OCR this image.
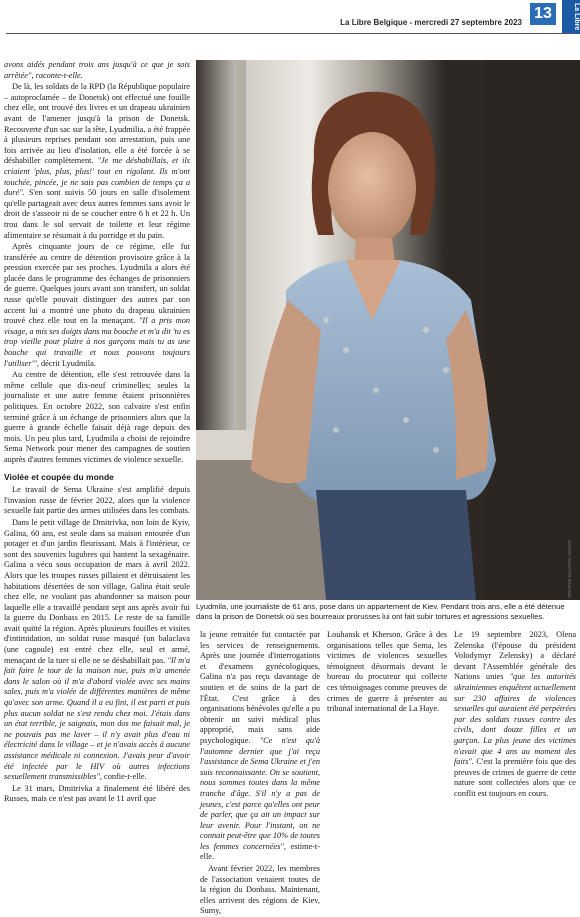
La Libre Belgique - mercredi 27 septembre 2023
13	La Libre

avons aidés pendant trois ans jusqu'à ce que je sois arrêtée", raconte-t-elle.

De là, les soldats de la RPD (la République populaire – autoproclamée – de Donetsk) ont effectué une fouille chez elle, ont trouvé des livres et un drapeau ukrainien avant de l'amener jusqu'à la prison de Donetsk. Recouverte d'un sac sur la tête, Lyudmilia, a été frappée à plusieurs reprises pendant son arrestation, puis une fois arrivée au lieu d'isolation, elle a été forcée à se déshabiller complètement. "Je me déshabillais, et ils criaient 'plus, plus, plus!' tout en rigolant. Ils m'ont touchée, pincée, je ne sais pas combien de temps ça a duré". S'en sont suivis 50 jours en salle d'isolement qu'elle partageait avec deux autres femmes sans avoir le droit de s'asseoir ni de se coucher entre 6 h et 22 h. Un trou dans le sol servait de toilette et leur régime alimentaire se résumait à du porridge et du pain.

Après cinquante jours de ce régime, elle fut transférée au centre de détention provisoire grâce à la pression exercée par ses proches. Lyudmila a alors été placée dans le programme des échanges de prisonniers de guerre. Quelques jours avant son transfert, un soldat russe qu'elle pouvait distinguer des autres par son accent lui a montré une photo du drapeau ukrainien trouvé chez elle tout en la menaçant. "Il a pris mon visage, a mis ses doigts dans ma bouche et m'a dit 'tu es trop vieille pour plaire à nos garçons mais tu as une bouche qui travaille et nous pouvons toujours l'utiliser'", décrit Lyudmila.

Au centre de détention, elle s'est retrouvée dans la même cellule que dix-neuf criminelles; seules la journaliste et une autre femme étaient prisonnières politiques. En octobre 2022, son calvaire s'est enfin terminé grâce à un échange de prisonniers alors que la guerre à grande échelle faisait déjà rage depuis des mois. Un peu plus tard, Lyudmila a choisi de rejoindre Sema Network pour mener des campagnes de soutien auprès d'autres femmes victimes de violence sexuelle.

Violée et coupée du monde

Le travail de Sema Ukraine s'est amplifié depuis l'invasion russe de février 2022, alors que la violence sexuelle fait partie des armes utilisées dans les combats.

Dans le petit village de Dmitrivka, non loin de Kyiv, Galina, 60 ans, est seule dans sa maison entourée d'un potager et d'un jardin fleurissant. Mais à l'intérieur, ce sont des souvenirs lugubres qui hantent la sexagénaire. Galina a vécu sous occupation de mars à avril 2022. Alors que les troupes russes pillaient et détruisaient les habitations désertées de son village, Galina était seule chez elle, ne voulant pas abandonner sa maison pour laquelle elle a travaillé pendant sept ans après avoir fui la guerre du Donbass en 2015. Le reste de sa famille avait quitté la région. Après plusieurs fouilles et visites d'intimidation, un soldat russe masqué (un balaclava (une cagoule) est entré chez elle, seul et armé, menaçant de la tuer si elle ne se déshabillait pas. "Il m'a fait faire le tour de la maison nue, puis m'a amenée dans le salon où il m'a d'abord violée avec ses mains sales, puis m'a violée de différentes manières de même qu'avec son arme. Quand il a eu fini, il est parti et puis plus aucun soldat ne s'est rendu chez moi. J'étais dans un état terrible, je saignais, mon dos me faisait mal, je ne pouvais pas me laver – il n'y avait plus d'eau ni électricité dans le village – et je n'avais accès à aucune assistance médicale ni connexion. J'avais peur d'avoir été infectée par le HIV où autres infections sexuellement transmissibles", confie-t-elle.

Le 31 mars, Dmitrivka a finalement été libéré des Russes, mais ce n'est pas avant le 11 avril que

VIRGINIE NGUYEN HOANG
Lyudmila, une journaliste de 61 ans, pose dans un appartement de Kiev. Pendant trois ans, elle a été détenue dans la prison de Donetsk où ses bourreaux prorusses lui ont fait subir tortures et agressions sexuelles.

la jeune retraitée fut contactée par les services de renseignements. Après une journée d'interrogations et d'examens gynécologiques, Galina n'a pas reçu davantage de soutien et de soins de la part de l'État. C'est grâce à des organisations bénévoles qu'elle a pu obtenir un suivi médical plus approprié, mais sans aide psychologique. "Ce n'est qu'à l'automne dernier que j'ai reçu l'assistance de Sema Ukraine et j'en suis reconnaissante. On se soutient, nous sommes toutes dans la même tranche d'âge. S'il n'y a pas de jeunes, c'est parce qu'elles ont peur de parler, que ça ait un impact sur leur avenir. Pour l'instant, on ne connait peut-être que 10% de toutes les femmes concernées", estime-t-elle.

Avant février 2022, les membres de l'association venaient toutes de la région du Donbass. Maintenant, elles arrivent des régions de Kiev, Sumy,

Louhansk et Kherson. Grâce à des organisations telles que Sema, les victimes de violences sexuelles témoignent désormais devant le bureau du procureur qui collecte ces témoignages comme preuves de crimes de guerre à présenter au tribunal international de La Haye.

Le 19 septembre 2023, Olena Zelenska (l'épouse du président Volodymyr Zelensky) a déclaré devant l'Assemblée générale des Nations unies "que les autorités ukrainiennes enquêtent actuellement sur 230 affaires de violences sexuelles qui auraient été perpétrées par des soldats russes contre des civils, dont douze filles et un garçon. La plus jeune des victimes n'avait que 4 ans au moment des faits". C'est la première fois que des preuves de crimes de guerre de cette nature sont collectées alors que ce conflit est toujours en cours.
